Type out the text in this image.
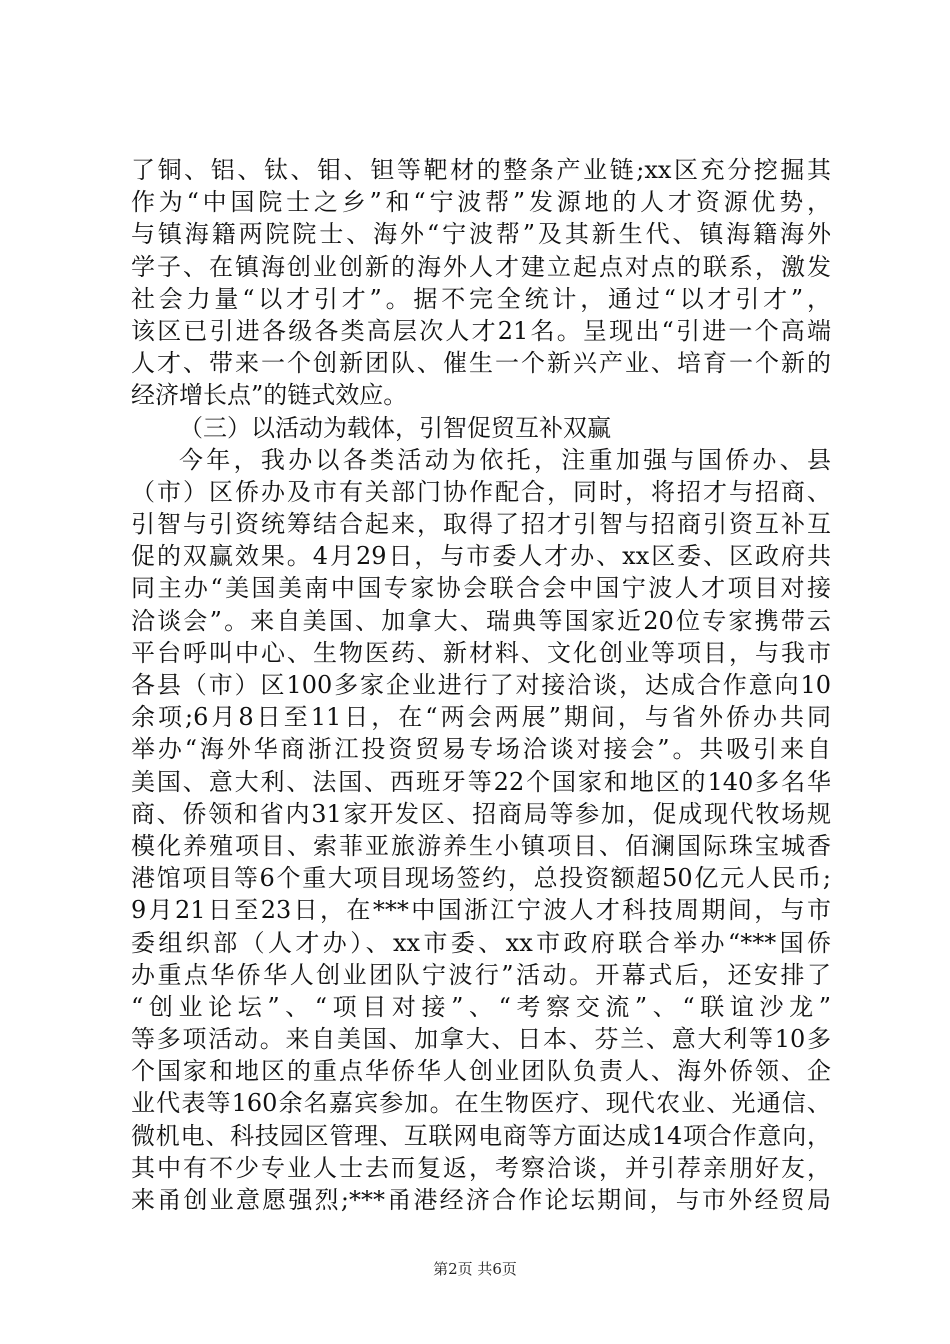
了铜、铝、钛、钼、钽等靶材的整条产业链;xx区充分挖掘其
作为“中国院士之乡”和“宁波帮”发源地的人才资源优势，
与镇海籍两院院士、海外“宁波帮”及其新生代、镇海籍海外
学子、在镇海创业创新的海外人才建立起点对点的联系，激发
社会力量“以才引才”。据不完全统计，通过“以才引才”，
该区已引进各级各类高层次人才21名。呈现出“引进一个高端
人才、带来一个创新团队、催生一个新兴产业、培育一个新的
经济增长点”的链式效应。
（三）以活动为载体，引智促贸互补双赢
今年，我办以各类活动为依托，注重加强与国侨办、县
（市）区侨办及市有关部门协作配合，同时，将招才与招商、
引智与引资统筹结合起来，取得了招才引智与招商引资互补互
促的双赢效果。4月29日，与市委人才办、xx区委、区政府共
同主办“美国美南中国专家协会联合会中国宁波人才项目对接
洽谈会”。来自美国、加拿大、瑞典等国家近20位专家携带云
平台呼叫中心、生物医药、新材料、文化创业等项目，与我市
各县（市）区100多家企业进行了对接洽谈，达成合作意向10
余项;6月8日至11日，在“两会两展”期间，与省外侨办共同
举办“海外华商浙江投资贸易专场洽谈对接会”。共吸引来自
美国、意大利、法国、西班牙等22个国家和地区的140多名华
商、侨领和省内31家开发区、招商局等参加，促成现代牧场规
模化养殖项目、索菲亚旅游养生小镇项目、佰澜国际珠宝城香
港馆项目等6个重大项目现场签约，总投资额超50亿元人民币;
9月21日至23日，在***中国浙江宁波人才科技周期间，与市
委组织部（人才办）、xx市委、xx市政府联合举办“***国侨
办重点华侨华人创业团队宁波行”活动。开幕式后，还安排了
“创业论坛”、“项目对接”、“考察交流”、“联谊沙龙”
等多项活动。来自美国、加拿大、日本、芬兰、意大利等10多
个国家和地区的重点华侨华人创业团队负责人、海外侨领、企
业代表等160余名嘉宾参加。在生物医疗、现代农业、光通信、
微机电、科技园区管理、互联网电商等方面达成14项合作意向，
其中有不少专业人士去而复返，考察洽谈，并引荐亲朋好友，
来甬创业意愿强烈;***甬港经济合作论坛期间，与市外经贸局
第2页 共6页
